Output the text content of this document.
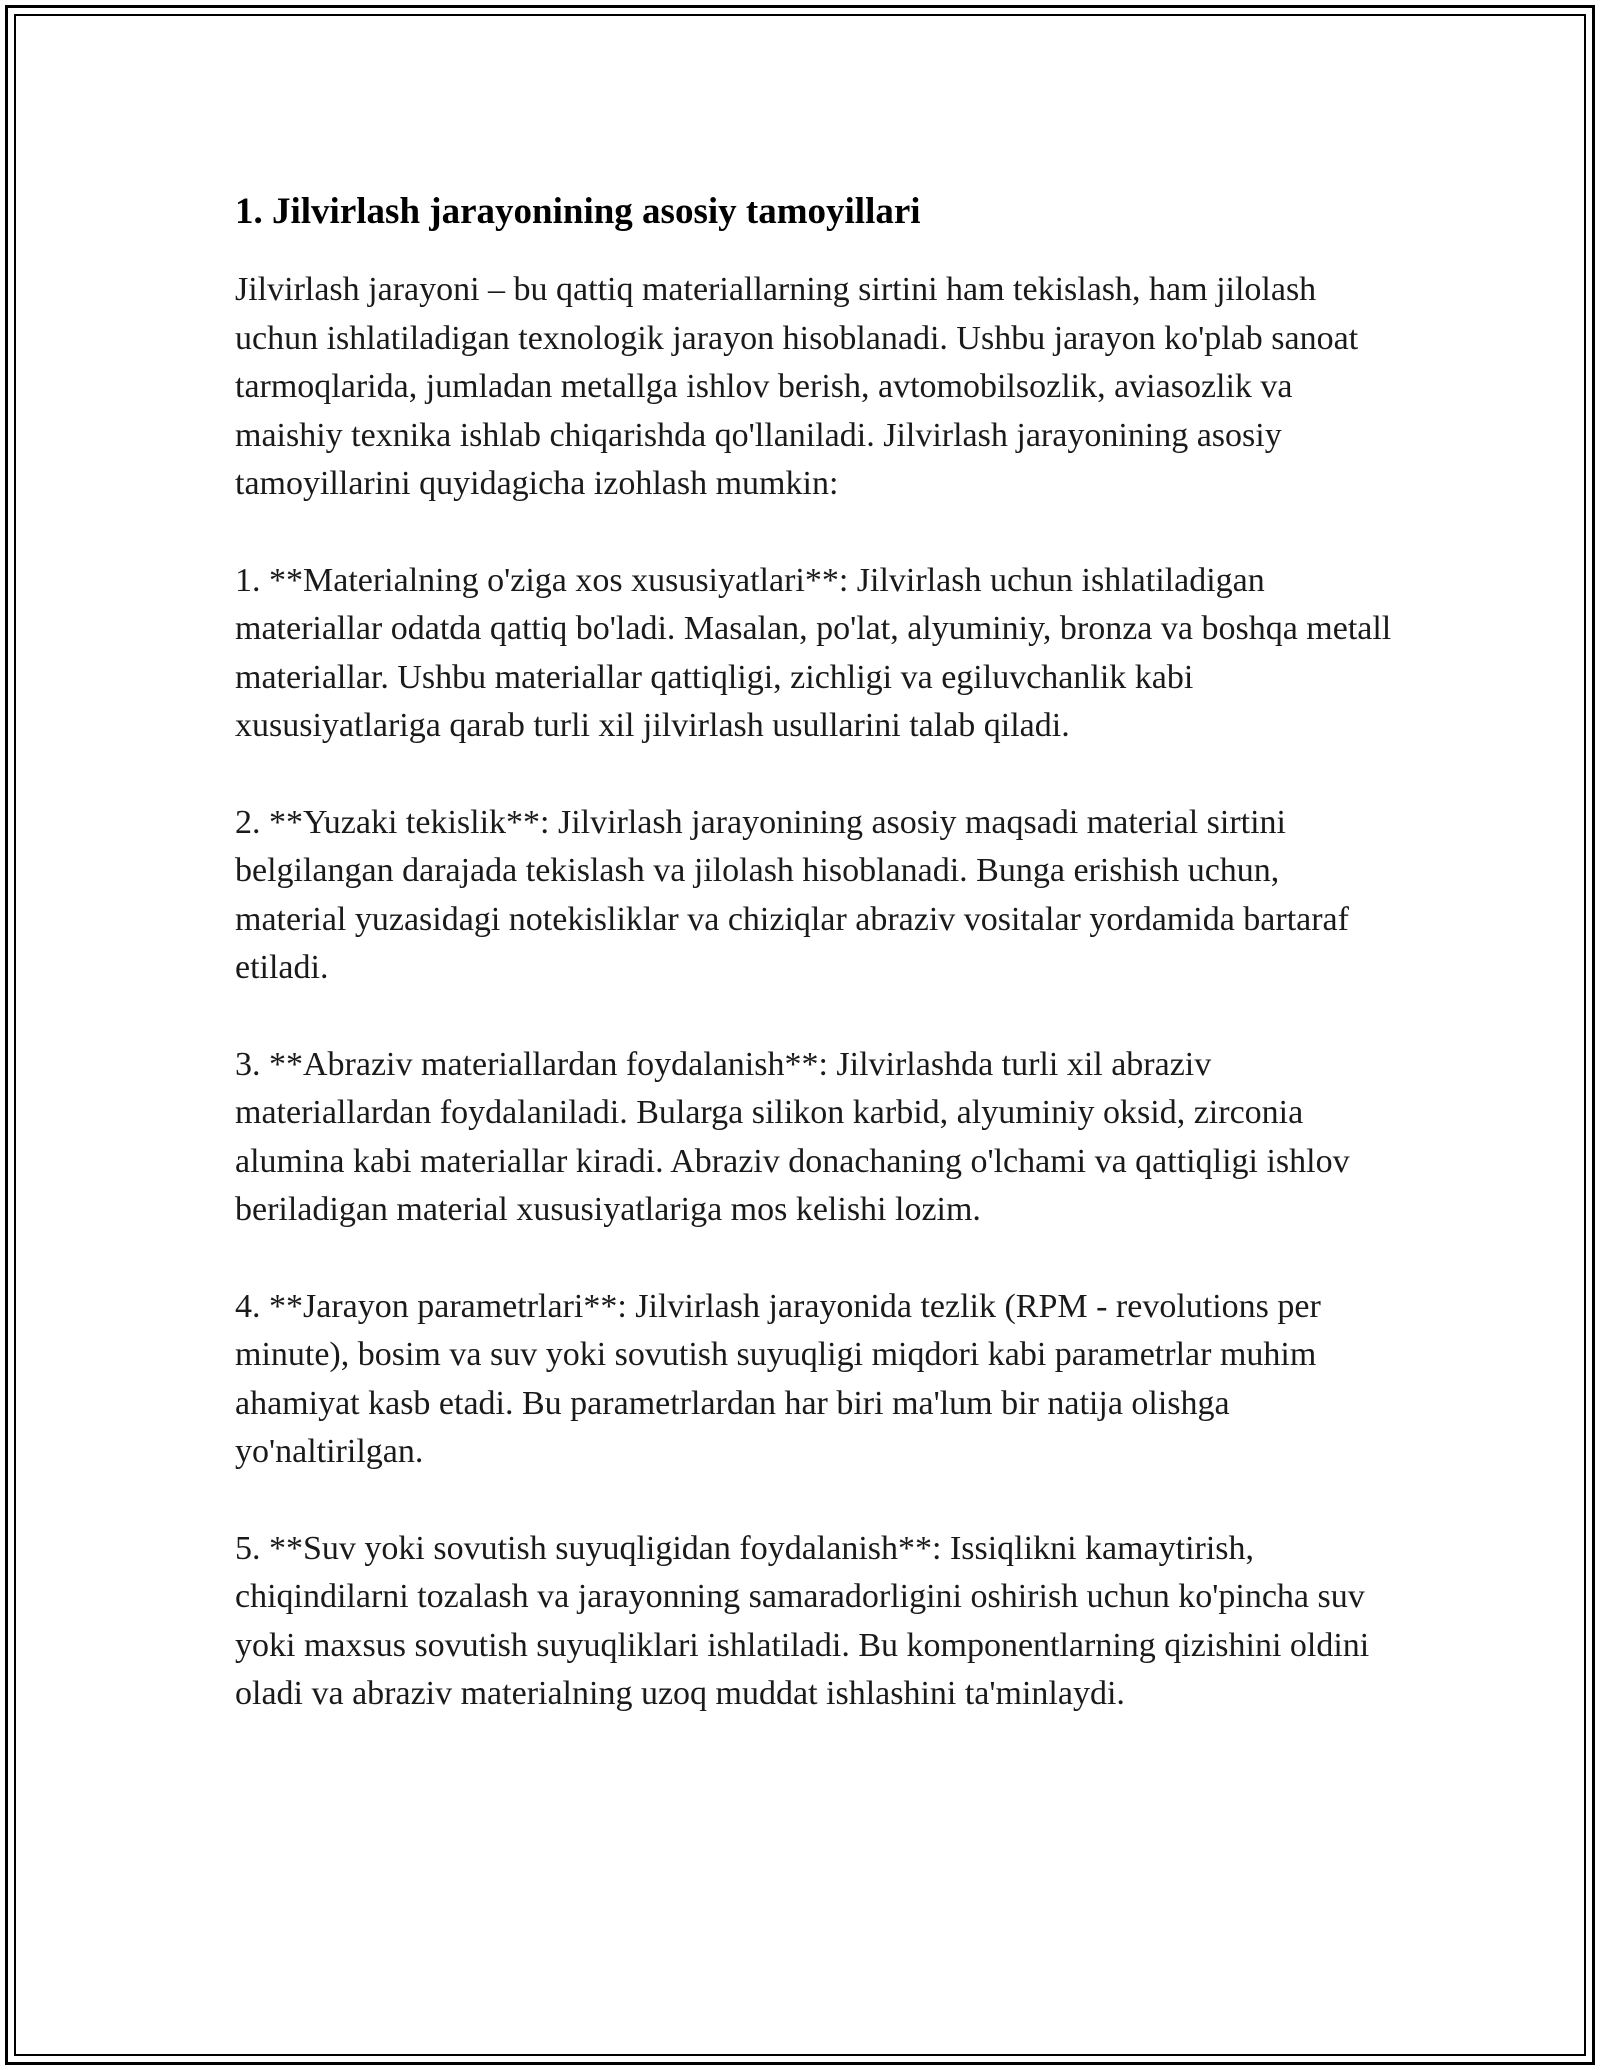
1. Jilvirlash jarayonining asosiy tamoyillari

Jilvirlash jarayoni – bu qattiq materiallarning sirtini ham tekislash, ham jilolash uchun ishlatiladigan texnologik jarayon hisoblanadi. Ushbu jarayon ko'plab sanoat tarmoqlarida, jumladan metallga ishlov berish, avtomobilsozlik, aviasozlik va maishiy texnika ishlab chiqarishda qo'llaniladi. Jilvirlash jarayonining asosiy tamoyillarini quyidagicha izohlash mumkin:

1. **Materialning o'ziga xos xususiyatlari**: Jilvirlash uchun ishlatiladigan materiallar odatda qattiq bo'ladi. Masalan, po'lat, alyuminiy, bronza va boshqa metall materiallar. Ushbu materiallar qattiqligi, zichligi va egiluvchanlik kabi xususiyatlariga qarab turli xil jilvirlash usullarini talab qiladi.

2. **Yuzaki tekislik**: Jilvirlash jarayonining asosiy maqsadi material sirtini belgilangan darajada tekislash va jilolash hisoblanadi. Bunga erishish uchun, material yuzasidagi notekisliklar va chiziqlar abraziv vositalar yordamida bartaraf etiladi.

3. **Abraziv materiallardan foydalanish**: Jilvirlashda turli xil abraziv materiallardan foydalaniladi. Bularga silikon karbid, alyuminiy oksid, zirconia alumina kabi materiallar kiradi. Abraziv donachaning o'lchami va qattiqligi ishlov beriladigan material xususiyatlariga mos kelishi lozim.

4. **Jarayon parametrlari**: Jilvirlash jarayonida tezlik (RPM - revolutions per minute), bosim va suv yoki sovutish suyuqligi miqdori kabi parametrlar muhim ahamiyat kasb etadi. Bu parametrlardan har biri ma'lum bir natija olishga yo'naltirilgan.

5. **Suv yoki sovutish suyuqligidan foydalanish**: Issiqlikni kamaytirish, chiqindilarni tozalash va jarayonning samaradorligini oshirish uchun ko'pincha suv yoki maxsus sovutish suyuqliklari ishlatiladi. Bu komponentlarning qizishini oldini oladi va abraziv materialning uzoq muddat ishlashini ta'minlaydi.
